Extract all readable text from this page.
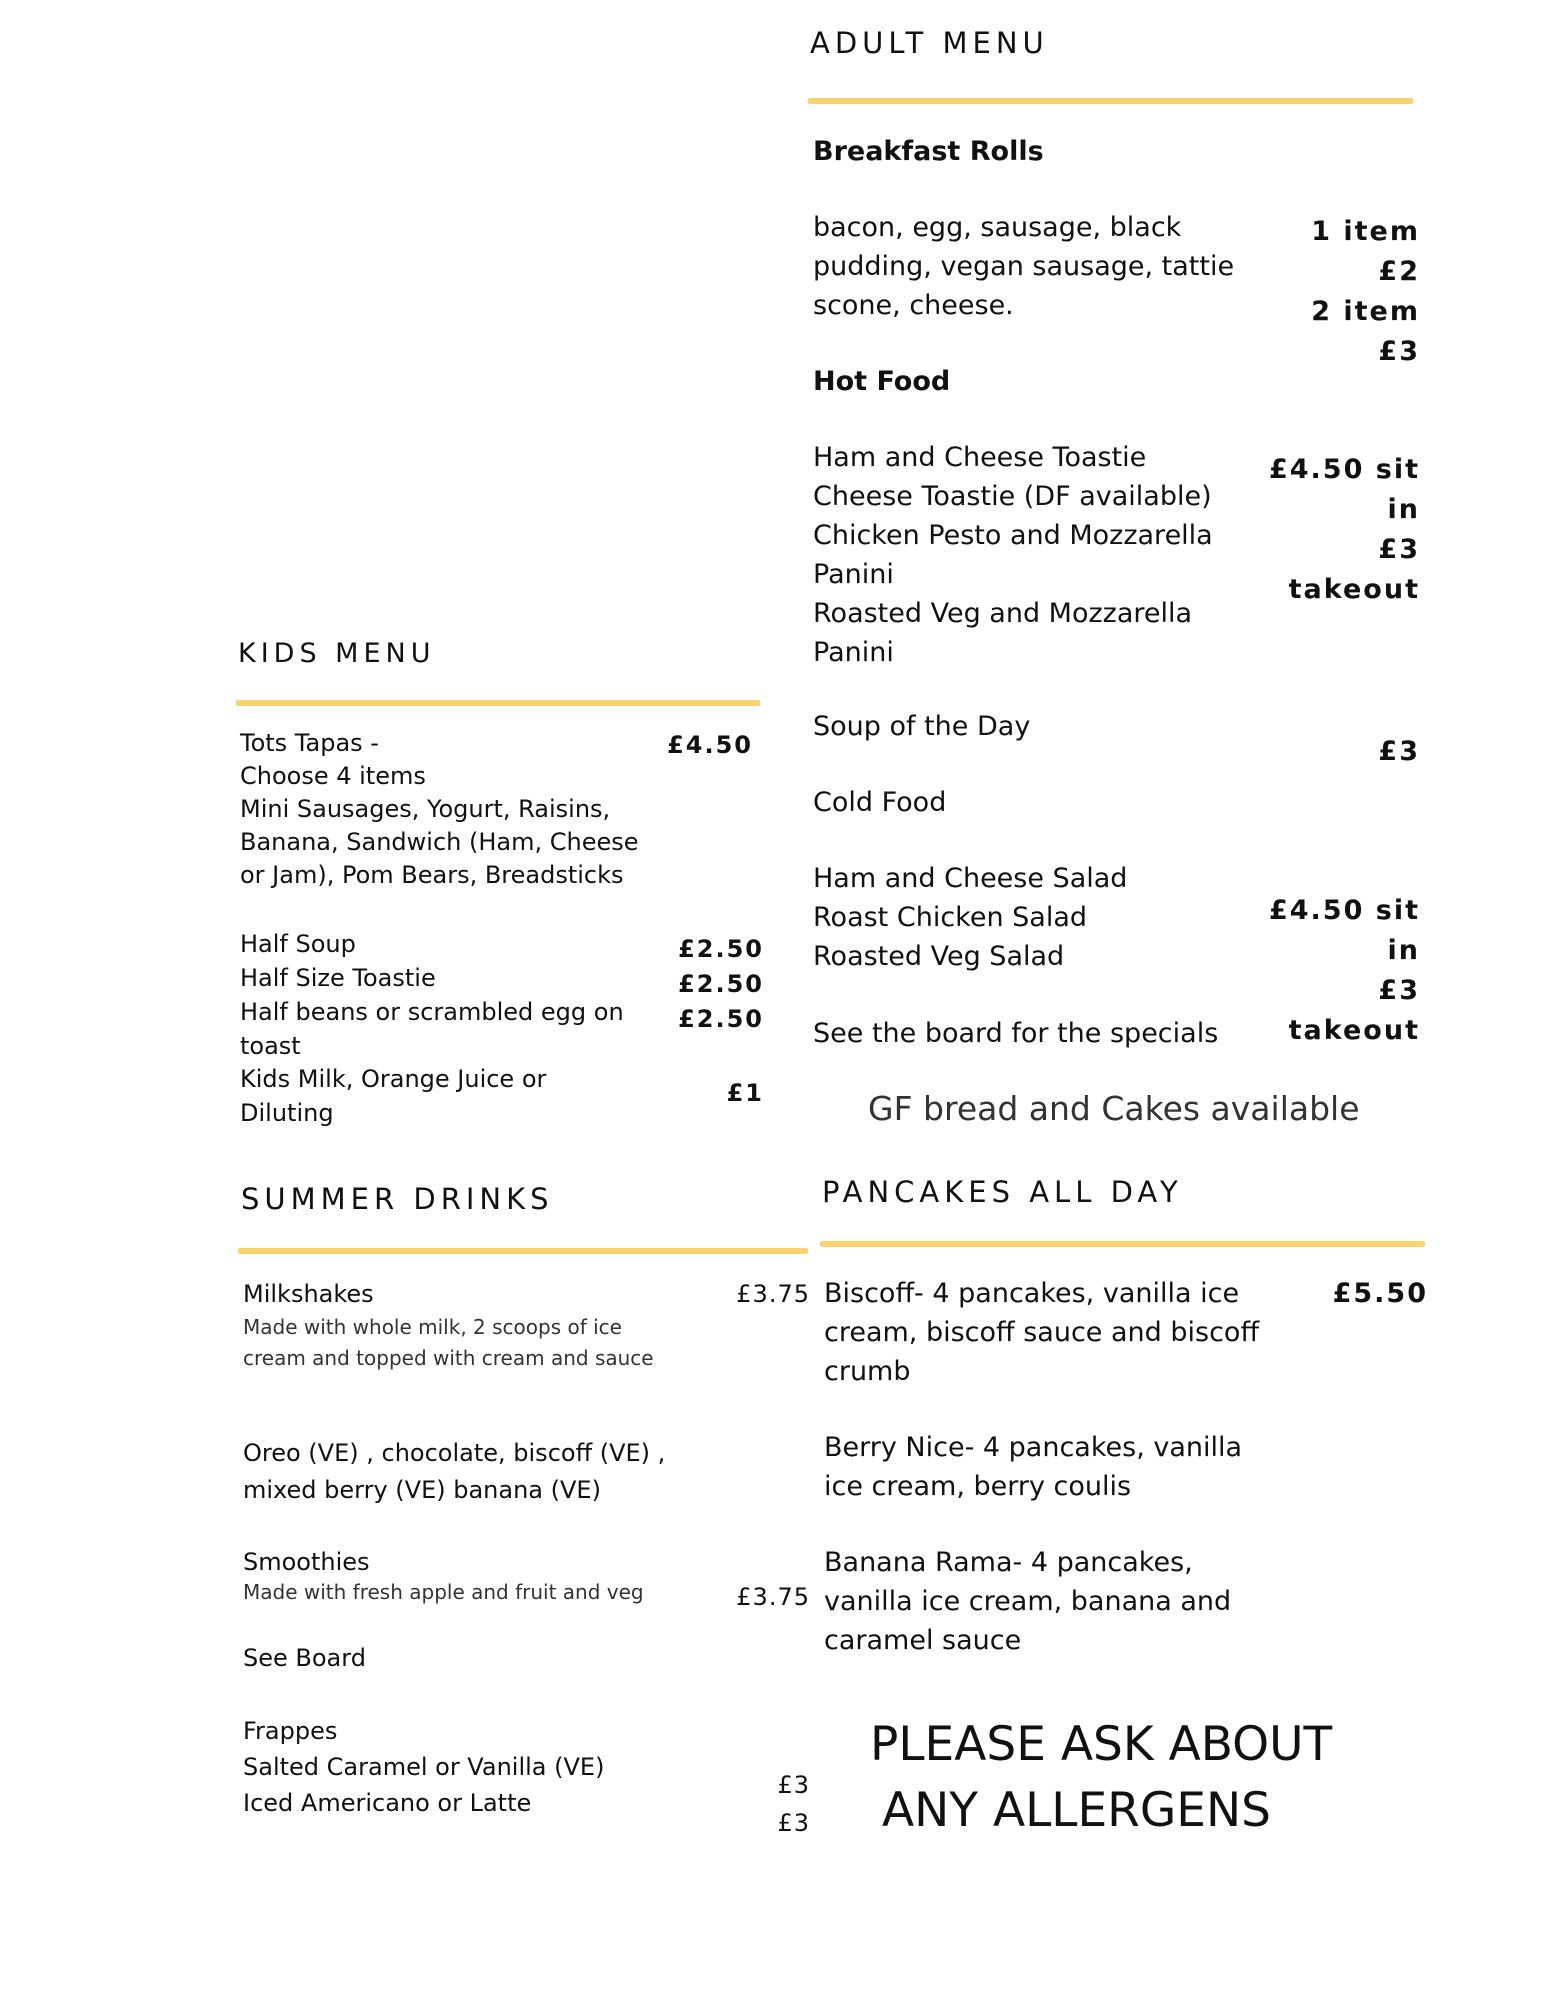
ADULT MENU
Breakfast Rolls
bacon, egg, sausage, black pudding, vegan sausage, tattie scone, cheese.
1 item
£2
2 item
£3
Hot Food
Ham and Cheese Toastie
Cheese Toastie (DF available)
Chicken Pesto and Mozzarella Panini
Roasted Veg and Mozzarella Panini
£4.50 sit
in
£3
takeout
Soup of the Day
£3
Cold Food
Ham and Cheese Salad
Roast Chicken Salad
Roasted Veg Salad
£4.50 sit
in
£3
takeout
See the board for the specials
GF bread and Cakes available
KIDS MENU
Tots Tapas -
Choose 4 items
Mini Sausages, Yogurt, Raisins,
Banana, Sandwich (Ham, Cheese
or Jam), Pom Bears, Breadsticks
£4.50
Half Soup
Half Size Toastie
Half beans or scrambled egg on toast
£2.50
£2.50
£2.50
Kids Milk, Orange Juice or Diluting
£1
SUMMER DRINKS
Milkshakes
Made with whole milk, 2 scoops of ice cream and topped with cream and sauce
£3.75
Oreo (VE) , chocolate, biscoff (VE) , mixed berry (VE) banana (VE)
Smoothies
Made with fresh apple and fruit and veg	£3.75
See Board
Frappes
Salted Caramel or Vanilla (VE)
Iced Americano or Latte
£3
£3
PANCAKES ALL DAY
£5.50
Biscoff- 4 pancakes, vanilla ice cream, biscoff sauce and biscoff crumb
Berry Nice- 4 pancakes, vanilla ice cream, berry coulis
Banana Rama- 4 pancakes, vanilla ice cream, banana and caramel sauce
PLEASE ASK ABOUT
ANY ALLERGENS
